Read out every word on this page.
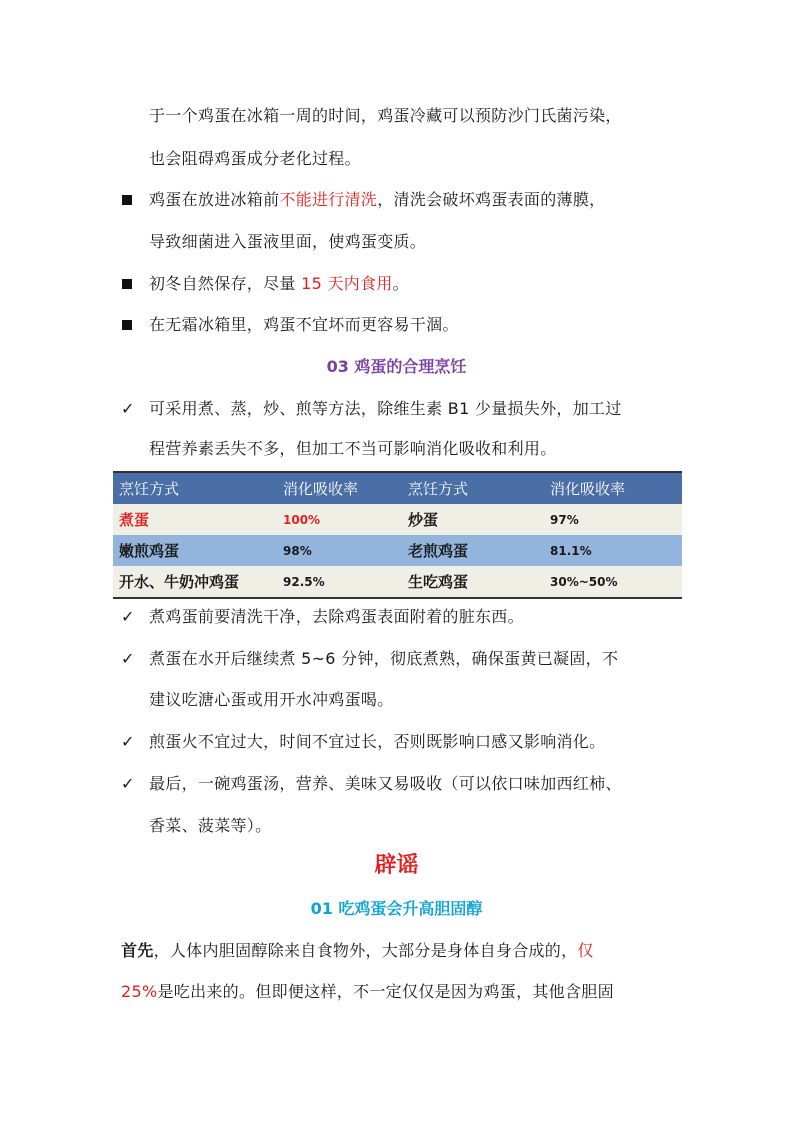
于一个鸡蛋在冰箱一周的时间，鸡蛋冷藏可以预防沙门氏菌污染，
也会阻碍鸡蛋成分老化过程。
鸡蛋在放进冰箱前不能进行清洗，清洗会破坏鸡蛋表面的薄膜，
导致细菌进入蛋液里面，使鸡蛋变质。
初冬自然保存，尽量 15 天内食用。
在无霜冰箱里，鸡蛋不宜坏而更容易干涸。
03 鸡蛋的合理烹饪
✓ 可采用煮、蒸，炒、煎等方法，除维生素 B1 少量损失外，加工过
程营养素丢失不多，但加工不当可影响消化吸收和利用。
烹饪方式	消化吸收率	烹饪方式	消化吸收率
煮蛋	100%	炒蛋	97%
嫩煎鸡蛋	98%	老煎鸡蛋	81.1%
开水、牛奶冲鸡蛋	92.5%	生吃鸡蛋	30%~50%
✓ 煮鸡蛋前要清洗干净，去除鸡蛋表面附着的脏东西。
✓ 煮蛋在水开后继续煮 5~6 分钟，彻底煮熟，确保蛋黄已凝固，不
建议吃溏心蛋或用开水冲鸡蛋喝。
✓ 煎蛋火不宜过大，时间不宜过长，否则既影响口感又影响消化。
✓ 最后，一碗鸡蛋汤，营养、美味又易吸收（可以依口味加西红柿、
香菜、菠菜等）。
辟谣
01 吃鸡蛋会升高胆固醇
首先，人体内胆固醇除来自食物外，大部分是身体自身合成的，仅
25%是吃出来的。但即便这样，不一定仅仅是因为鸡蛋，其他含胆固
